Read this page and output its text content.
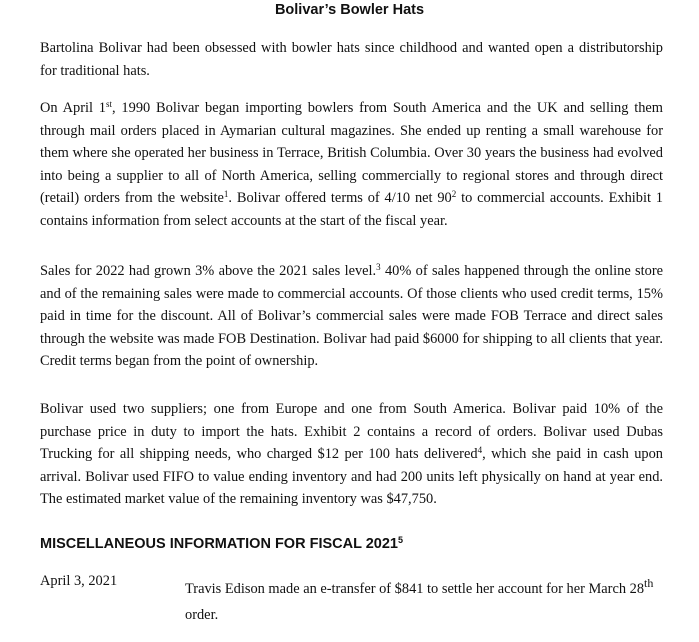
Bolivar’s Bowler Hats

Bartolina Bolivar had been obsessed with bowler hats since childhood and wanted open a distributorship for traditional hats.

On April 1st, 1990 Bolivar began importing bowlers from South America and the UK and selling them through mail orders placed in Aymarian cultural magazines. She ended up renting a small warehouse for them where she operated her business in Terrace, British Columbia. Over 30 years the business had evolved into being a supplier to all of North America, selling commercially to regional stores and through direct (retail) orders from the website$^1$. Bolivar offered terms of 4/10 net $90^2$ to commercial accounts. Exhibit 1 contains information from select accounts at the start of the fiscal year.

Sales for 2022 had grown 3% above the 2021 sales level.$^3$ 40% of sales happened through the online store and of the remaining sales were made to commercial accounts. Of those clients who used credit terms, 15% paid in time for the discount. All of Bolivar’s commercial sales were made FOB Terrace and direct sales through the website was made FOB Destination. Bolivar had paid $6000 for shipping to all clients that year. Credit terms began from the point of ownership.

Bolivar used two suppliers; one from Europe and one from South America. Bolivar paid 10% of the purchase price in duty to import the hats. Exhibit 2 contains a record of orders. Bolivar used Dubas Trucking for all shipping needs, who charged $12 per 100 hats delivered$^4$, which she paid in cash upon arrival. Bolivar used FIFO to value ending inventory and had 200 units left physically on hand at year end. The estimated market value of the remaining inventory was $47,750.

MISCELLANEOUS INFORMATION FOR FISCAL 2021$^5$
April 3, 2021	Travis Edison made an e-transfer of $841 to settle her account for her March 28th order.
